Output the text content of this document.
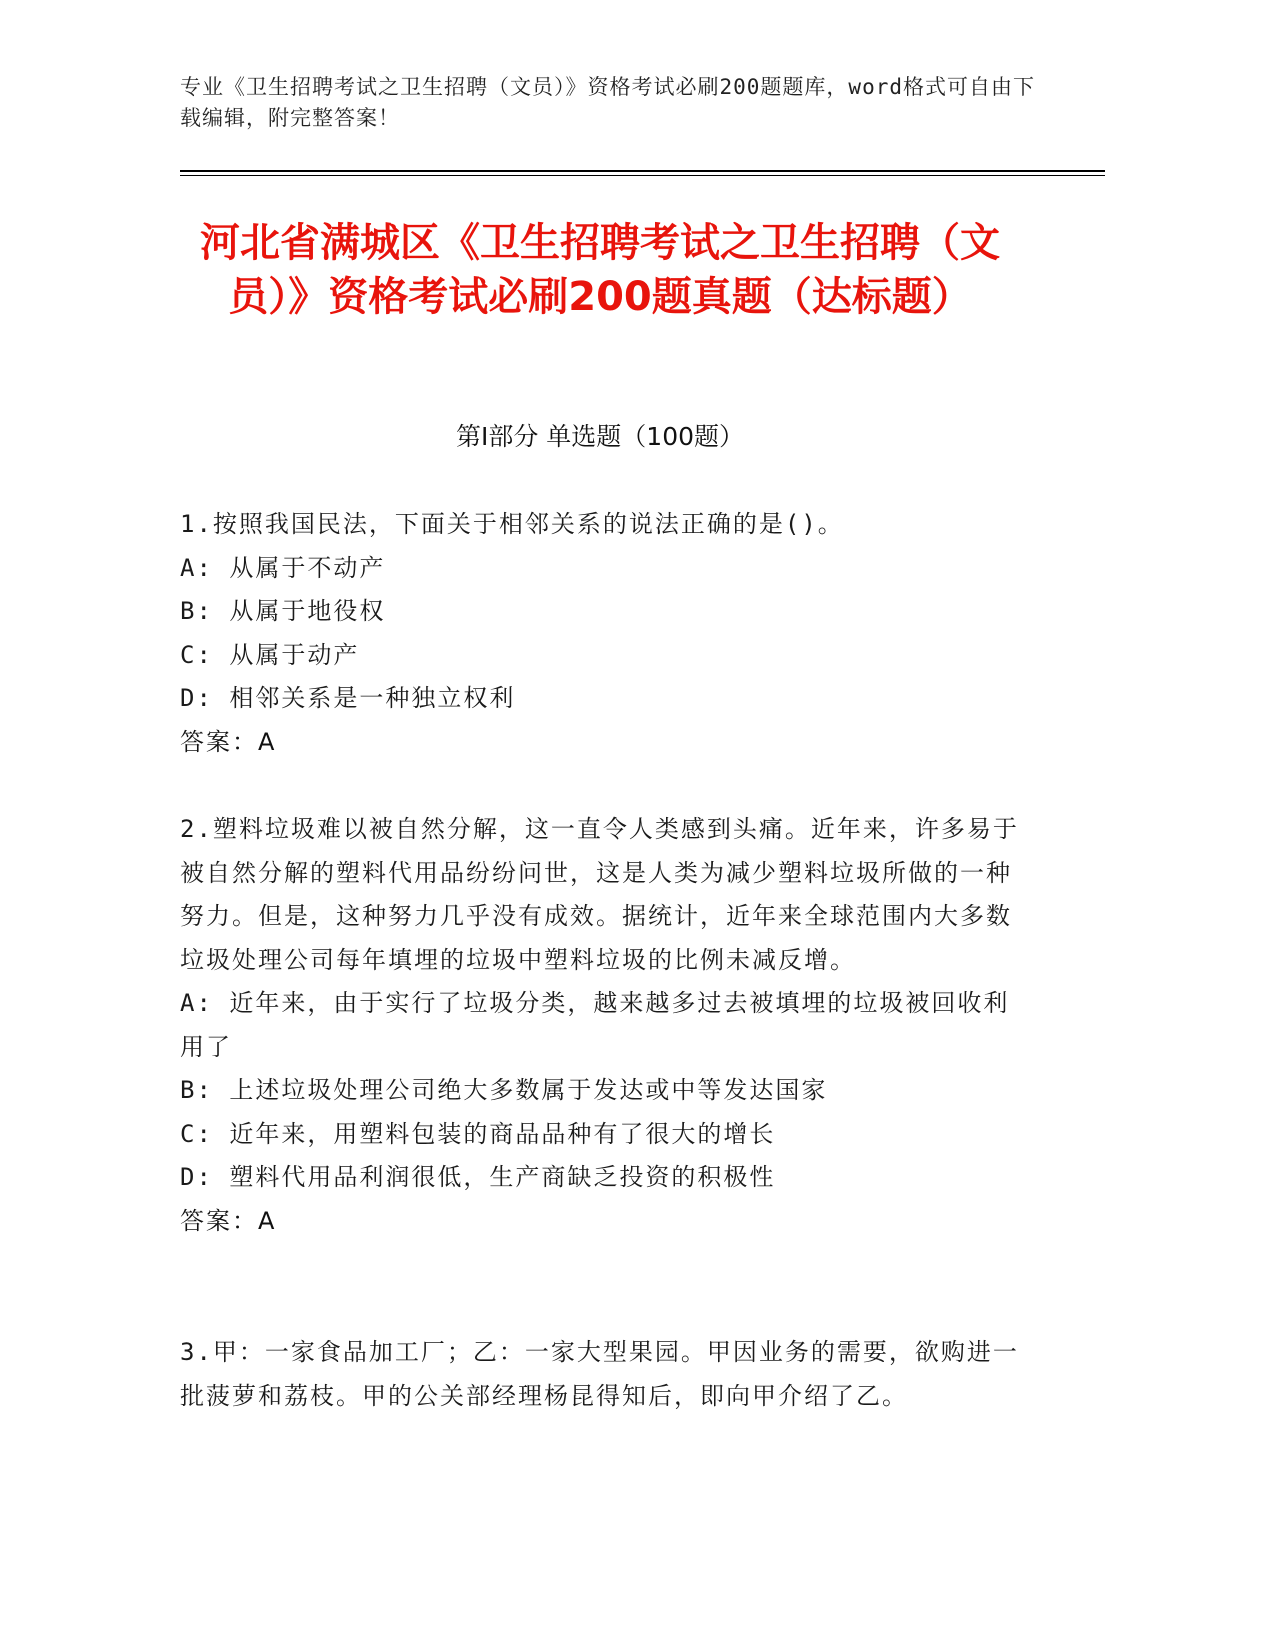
专业《卫生招聘考试之卫生招聘（文员）》资格考试必刷200题题库，word格式可自由下载编辑，附完整答案！
河北省满城区《卫生招聘考试之卫生招聘（文员）》资格考试必刷200题真题（达标题）
第I部分 单选题（100题）

1.按照我国民法，下面关于相邻关系的说法正确的是()。

A: 从属于不动产

B: 从属于地役权

C: 从属于动产

D: 相邻关系是一种独立权利

答案：A

2.塑料垃圾难以被自然分解，这一直令人类感到头痛。近年来，许多易于被自然分解的塑料代用品纷纷问世，这是人类为减少塑料垃圾所做的一种努力。但是，这种努力几乎没有成效。据统计，近年来全球范围内大多数垃圾处理公司每年填埋的垃圾中塑料垃圾的比例未减反增。

A: 近年来，由于实行了垃圾分类，越来越多过去被填埋的垃圾被回收利用了

B: 上述垃圾处理公司绝大多数属于发达或中等发达国家

C: 近年来，用塑料包装的商品品种有了很大的增长

D: 塑料代用品利润很低，生产商缺乏投资的积极性

答案：A

3.甲：一家食品加工厂；乙：一家大型果园。甲因业务的需要，欲购进一批菠萝和荔枝。甲的公关部经理杨昆得知后，即向甲介绍了乙。
